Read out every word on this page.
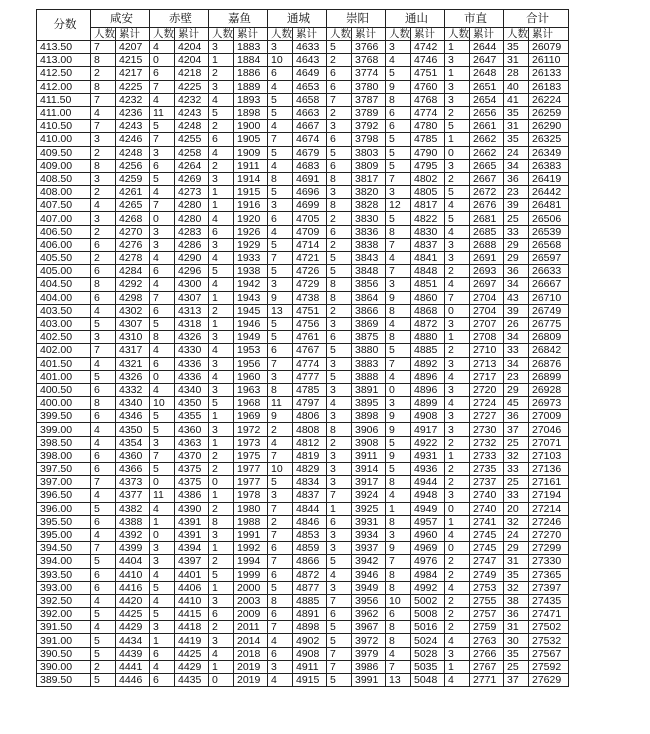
分数	咸安		赤壁		嘉鱼		通城		崇阳		通山		市直		合计	
	人数	累计	人数	累计	人数	累计	人数	累计	人数	累计	人数	累计	人数	累计	人数	累计
413.50	7	4207	4	4204	3	1883	3	4633	5	3766	3	4742	1	2644	35	26079
413.00	8	4215	0	4204	1	1884	10	4643	2	3768	4	4746	3	2647	31	26110
412.50	2	4217	6	4218	2	1886	6	4649	6	3774	5	4751	1	2648	28	26133
412.00	8	4225	7	4225	3	1889	4	4653	6	3780	9	4760	3	2651	40	26183
411.50	7	4232	4	4232	4	1893	5	4658	7	3787	8	4768	3	2654	41	26224
411.00	4	4236	11	4243	5	1898	5	4663	2	3789	6	4774	2	2656	35	26259
410.50	7	4243	5	4248	2	1900	4	4667	3	3792	6	4780	5	2661	31	26290
410.00	3	4246	7	4255	6	1905	7	4674	6	3798	5	4785	1	2662	35	26325
409.50	2	4248	3	4258	4	1909	5	4679	5	3803	5	4790	0	2662	24	26349
409.00	8	4256	6	4264	2	1911	4	4683	6	3809	5	4795	3	2665	34	26383
408.50	3	4259	5	4269	3	1914	8	4691	8	3817	7	4802	2	2667	36	26419
408.00	2	4261	4	4273	1	1915	5	4696	3	3820	3	4805	5	2672	23	26442
407.50	4	4265	7	4280	1	1916	3	4699	8	3828	12	4817	4	2676	39	26481
407.00	3	4268	0	4280	4	1920	6	4705	2	3830	5	4822	5	2681	25	26506
406.50	2	4270	3	4283	6	1926	4	4709	6	3836	8	4830	4	2685	33	26539
406.00	6	4276	3	4286	3	1929	5	4714	2	3838	7	4837	3	2688	29	26568
405.50	2	4278	4	4290	4	1933	7	4721	5	3843	4	4841	3	2691	29	26597
405.00	6	4284	6	4296	5	1938	5	4726	5	3848	7	4848	2	2693	36	26633
404.50	8	4292	4	4300	4	1942	3	4729	8	3856	3	4851	4	2697	34	26667
404.00	6	4298	7	4307	1	1943	9	4738	8	3864	9	4860	7	2704	43	26710
403.50	4	4302	6	4313	2	1945	13	4751	2	3866	8	4868	0	2704	39	26749
403.00	5	4307	5	4318	1	1946	5	4756	3	3869	4	4872	3	2707	26	26775
402.50	3	4310	8	4326	3	1949	5	4761	6	3875	8	4880	1	2708	34	26809
402.00	7	4317	4	4330	4	1953	6	4767	5	3880	5	4885	2	2710	33	26842
401.50	4	4321	6	4336	3	1956	7	4774	3	3883	7	4892	3	2713	34	26876
401.00	5	4326	0	4336	4	1960	3	4777	5	3888	4	4896	4	2717	23	26899
400.50	6	4332	4	4340	3	1963	8	4785	3	3891	0	4896	3	2720	29	26928
400.00	8	4340	10	4350	5	1968	11	4797	4	3895	3	4899	4	2724	45	26973
399.50	6	4346	5	4355	1	1969	9	4806	3	3898	9	4908	3	2727	36	27009
399.00	4	4350	5	4360	3	1972	2	4808	8	3906	9	4917	3	2730	37	27046
398.50	4	4354	3	4363	1	1973	4	4812	2	3908	5	4922	2	2732	25	27071
398.00	6	4360	7	4370	2	1975	7	4819	3	3911	9	4931	1	2733	32	27103
397.50	6	4366	5	4375	2	1977	10	4829	3	3914	5	4936	2	2735	33	27136
397.00	7	4373	0	4375	0	1977	5	4834	3	3917	8	4944	2	2737	25	27161
396.50	4	4377	11	4386	1	1978	3	4837	7	3924	4	4948	3	2740	33	27194
396.00	5	4382	4	4390	2	1980	7	4844	1	3925	1	4949	0	2740	20	27214
395.50	6	4388	1	4391	8	1988	2	4846	6	3931	8	4957	1	2741	32	27246
395.00	4	4392	0	4391	3	1991	7	4853	3	3934	3	4960	4	2745	24	27270
394.50	7	4399	3	4394	1	1992	6	4859	3	3937	9	4969	0	2745	29	27299
394.00	5	4404	3	4397	2	1994	7	4866	5	3942	7	4976	2	2747	31	27330
393.50	6	4410	4	4401	5	1999	6	4872	4	3946	8	4984	2	2749	35	27365
393.00	6	4416	5	4406	1	2000	5	4877	3	3949	8	4992	4	2753	32	27397
392.50	4	4420	4	4410	3	2003	8	4885	7	3956	10	5002	2	2755	38	27435
392.00	5	4425	5	4415	6	2009	6	4891	6	3962	6	5008	2	2757	36	27471
391.50	4	4429	3	4418	2	2011	7	4898	5	3967	8	5016	2	2759	31	27502
391.00	5	4434	1	4419	3	2014	4	4902	5	3972	8	5024	4	2763	30	27532
390.50	5	4439	6	4425	4	2018	6	4908	7	3979	4	5028	3	2766	35	27567
390.00	2	4441	4	4429	1	2019	3	4911	7	3986	7	5035	1	2767	25	27592
389.50	5	4446	6	4435	0	2019	4	4915	5	3991	13	5048	4	2771	37	27629
